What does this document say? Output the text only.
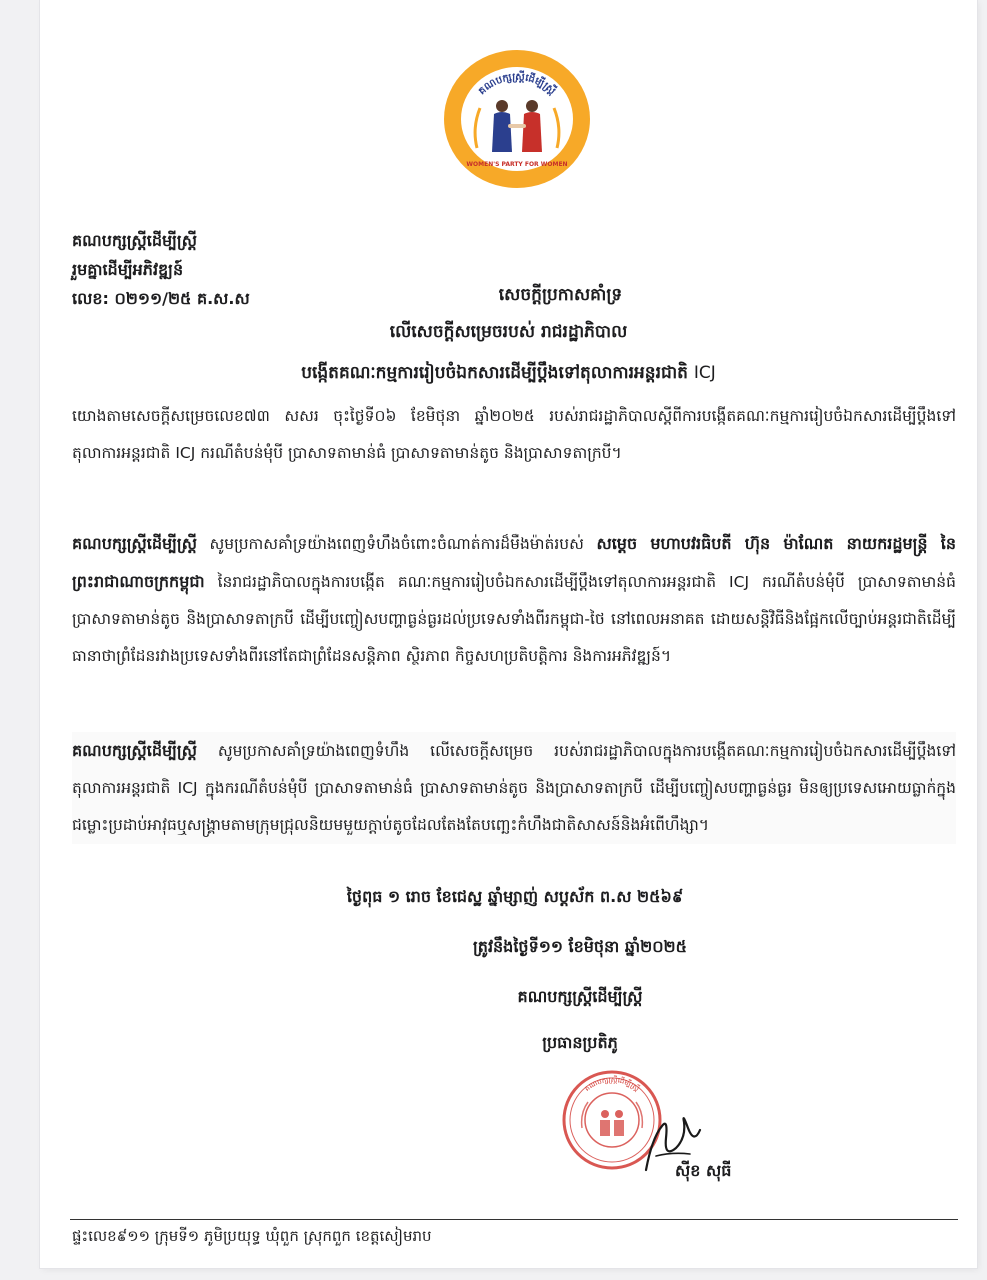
គណបក្សស្ត្រីដើម្បីស្ត្រី
WOMEN'S PARTY FOR WOMEN
គណបក្សស្ត្រីដើម្បីស្ត្រី
រួមគ្នាដើម្បីអភិវឌ្ឍន៍
លេខ: ០២១១/២៥ គ.ស.ស	សេចក្តីប្រកាសគាំទ្រ
លើសេចក្តីសម្រេចរបស់ រាជរដ្ឋាភិបាល
បង្កើតគណៈកម្មការរៀបចំឯកសារដើម្បីប្តឹងទៅតុលាការអន្តរជាតិ ICJ
យោងតាមសេចក្តីសម្រេចលេខ៧៣ សសរ ចុះថ្ងៃទី០៦ ខែមិថុនា ឆ្នាំ២០២៥ របស់រាជរដ្ឋាភិបាលស្តីពីការបង្កើតគណៈកម្មការរៀបចំឯកសារដើម្បីប្តឹងទៅតុលាការអន្តរជាតិ ICJ ករណីតំបន់មុំបី ប្រាសាទតាមាន់ធំ ប្រាសាទតាមាន់តូច និងប្រាសាទតាក្របី។
គណបក្សស្ត្រីដើម្បីស្ត្រី សូមប្រកាសគាំទ្រយ៉ាងពេញទំហឹងចំពោះចំណាត់ការដ៏មឺងម៉ាត់របស់ សម្តេច មហាបវរធិបតី ហ៊ុន ម៉ាណែត នាយករដ្ឋមន្ត្រី នៃព្រះរាជាណាចក្រកម្ពុជា នៃរាជរដ្ឋាភិបាលក្នុងការបង្កើត គណៈកម្មការរៀបចំឯកសារដើម្បីប្តឹងទៅតុលាការអន្តរជាតិ ICJ ករណីតំបន់មុំបី ប្រាសាទតាមាន់ធំ ប្រាសាទតាមាន់តូច និងប្រាសាទតាក្របី ដើម្បីបញ្ចៀសបញ្ហាធ្ងន់ធ្ងរដល់ប្រទេសទាំងពីរកម្ពុជា-ថៃ នៅពេលអនាគត ដោយសន្តិវិធីនិងផ្អែកលើច្បាប់អន្តរជាតិដើម្បីធានាថាព្រំដែនរវាងប្រទេសទាំងពីរនៅតែជាព្រំដែនសន្តិភាព ស្ថិរភាព កិច្ចសហប្រតិបត្តិការ និងការអភិវឌ្ឍន៍។
គណបក្សស្ត្រីដើម្បីស្ត្រី សូមប្រកាសគាំទ្រយ៉ាងពេញទំហឹង លើសេចក្តីសម្រេច របស់រាជរដ្ឋាភិបាលក្នុងការបង្កើតគណៈកម្មការរៀបចំឯកសារដើម្បីប្តឹងទៅតុលាការអន្តរជាតិ ICJ ក្នុងករណីតំបន់មុំបី ប្រាសាទតាមាន់ធំ ប្រាសាទតាមាន់តូច និងប្រាសាទតាក្របី ដើម្បីបញ្ចៀសបញ្ហាធ្ងន់ធ្ងរ មិនឲ្យប្រទេសអោយធ្លាក់ក្នុងជម្លោះប្រដាប់អាវុធឬសង្គ្រាមតាមក្រុមជ្រុលនិយមមួយក្តាប់តូចដែលតែងតែបញ្ឆេះកំហឹងជាតិសាសន៍និងអំពើហឹង្សា។
ថ្ងៃពុធ ១ រោច ខែជេស្ឋ ឆ្នាំម្សាញ់ សប្តស័ក ព.ស ២៥៦៩
ត្រូវនឹងថ្ងៃទី១១ ខែមិថុនា ឆ្នាំ២០២៥
គណបក្សស្ត្រីដើម្បីស្ត្រី
ប្រធានប្រតិភូ
គណបក្សស្ត្រីដើម្បីស្ត្រី
ស៊ីខ សុធី
ផ្ទះលេខ៩១១ ក្រុមទី១ ភូមិប្រយុទ្ធ ឃុំពួក ស្រុកពួក ខេត្តសៀមរាប
